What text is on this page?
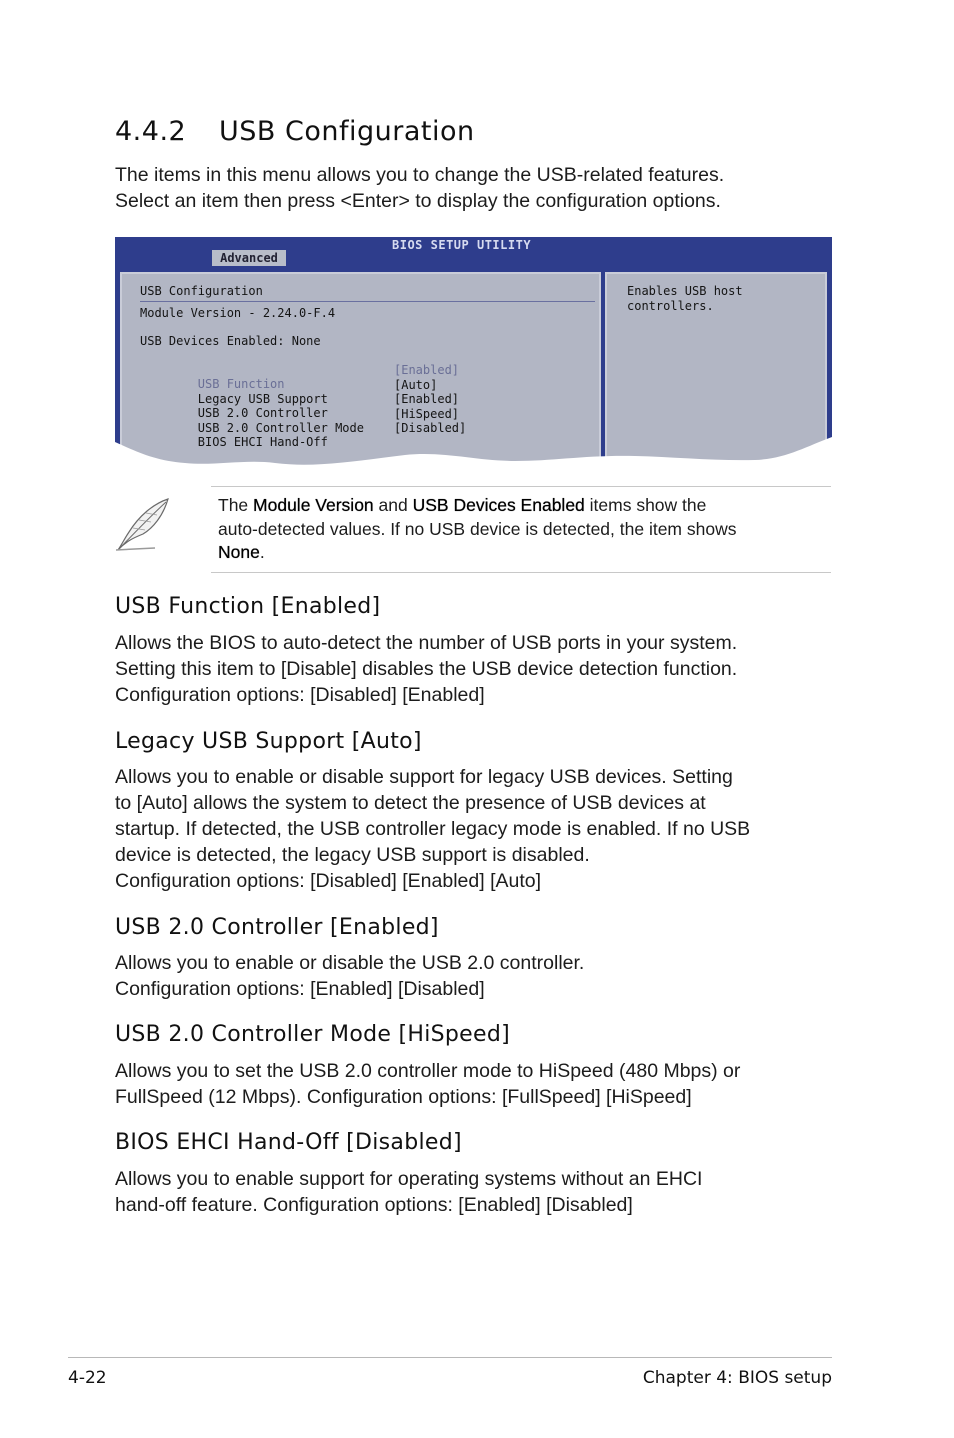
4.4.2 USB Configuration
The items in this menu allows you to change the USB-related features.
Select an item then press <Enter> to display the configuration options.
BIOS SETUP UTILITY
Advanced
USB Configuration
Module Version - 2.24.0-F.4
USB Devices Enabled: None

USB Function

[Enabled]

Legacy USB Support

[Auto]

USB 2.0 Controller

[Enabled]

USB 2.0 Controller Mode

[HiSpeed]

BIOS EHCI Hand-Off

[Disabled]

Enables USB host
controllers.
The Module Version and USB Devices Enabled items show the
auto-detected values. If no USB device is detected, the item shows
None.
USB Function [Enabled]
Allows the BIOS to auto-detect the number of USB ports in your system.
Setting this item to [Disable] disables the USB device detection function.
Configuration options: [Disabled] [Enabled]
Legacy USB Support [Auto]
Allows you to enable or disable support for legacy USB devices. Setting
to [Auto] allows the system to detect the presence of USB devices at
startup. If detected, the USB controller legacy mode is enabled. If no USB
device is detected, the legacy USB support is disabled.
Configuration options: [Disabled] [Enabled] [Auto]
USB 2.0 Controller [Enabled]
Allows you to enable or disable the USB 2.0 controller.
Configuration options: [Enabled] [Disabled]
USB 2.0 Controller Mode [HiSpeed]
Allows you to set the USB 2.0 controller mode to HiSpeed (480 Mbps) or
FullSpeed (12 Mbps). Configuration options: [FullSpeed] [HiSpeed]
BIOS EHCI Hand-Off [Disabled]
Allows you to enable support for operating systems without an EHCI
hand-off feature. Configuration options: [Enabled] [Disabled]
4-22	Chapter 4: BIOS setup
